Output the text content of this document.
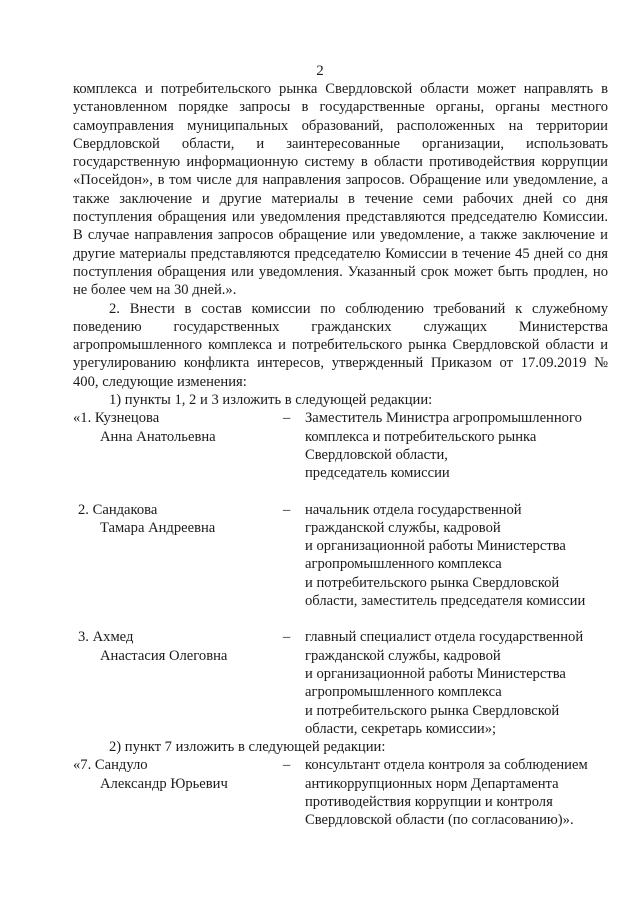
2

комплекса и потребительского рынка Свердловской области может направлять в установленном порядке запросы в государственные органы, органы местного самоуправления муниципальных образований, расположенных на территории Свердловской области, и заинтересованные организации, использовать государственную информационную систему в области противодействия коррупции «Посейдон», в том числе для направления запросов. Обращение или уведомление, а также заключение и другие материалы в течение семи рабочих дней со дня поступления обращения или уведомления представляются председателю Комиссии. В случае направления запросов обращение или уведомление, а также заключение и другие материалы представляются председателю Комиссии в течение 45 дней со дня поступления обращения или уведомления. Указанный срок может быть продлен, но не более чем на 30 дней.».

2. Внести в состав комиссии по соблюдению требований к служебному поведению государственных гражданских служащих Министерства агропромышленного комплекса и потребительского рынка Свердловской области и урегулированию конфликта интересов, утвержденный Приказом от 17.09.2019 № 400, следующие изменения:

1) пункты 1, 2 и 3 изложить в следующей редакции:

«1. Кузнецова
Анна Анатольевна
–	Заместитель Министра агропромышленного
комплекса и потребительского рынка
Свердловской области,
председатель комиссии
2. Сандакова
Тамара Андреевна
–	начальник отдела государственной
гражданской службы, кадровой
и организационной работы Министерства
агропромышленного комплекса
и потребительского рынка Свердловской
области, заместитель председателя комиссии
3. Ахмед
Анастасия Олеговна
–	главный специалист отдела государственной
гражданской службы, кадровой
и организационной работы Министерства
агропромышленного комплекса
и потребительского рынка Свердловской
области, секретарь комиссии»;

2) пункт 7 изложить в следующей редакции:

«7. Сандуло
Александр Юрьевич
–	консультант отдела контроля за соблюдением
антикоррупционных норм Департамента
противодействия коррупции и контроля
Свердловской области (по согласованию)».
